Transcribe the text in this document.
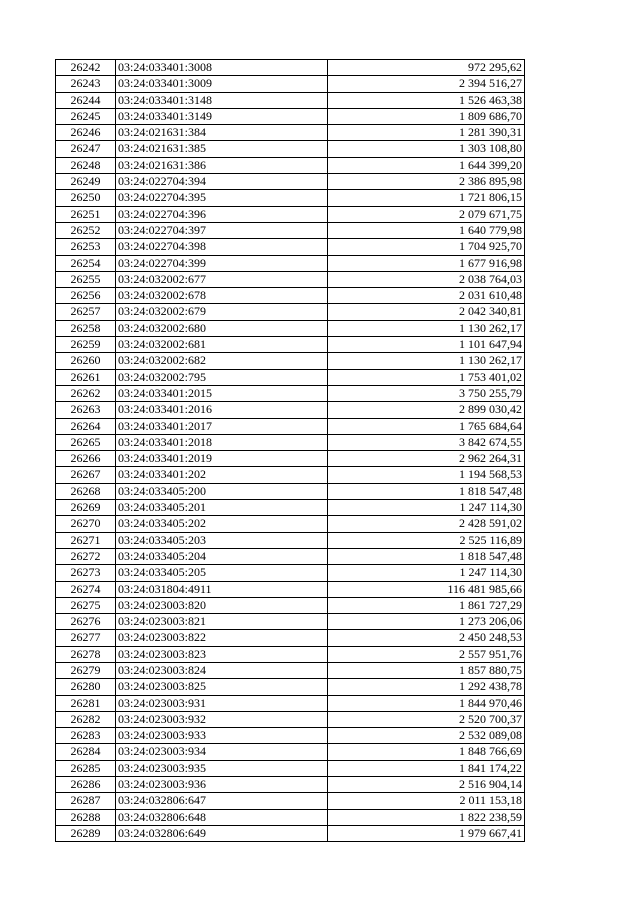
26242	03:24:033401:3008	972 295,62
26243	03:24:033401:3009	2 394 516,27
26244	03:24:033401:3148	1 526 463,38
26245	03:24:033401:3149	1 809 686,70
26246	03:24:021631:384	1 281 390,31
26247	03:24:021631:385	1 303 108,80
26248	03:24:021631:386	1 644 399,20
26249	03:24:022704:394	2 386 895,98
26250	03:24:022704:395	1 721 806,15
26251	03:24:022704:396	2 079 671,75
26252	03:24:022704:397	1 640 779,98
26253	03:24:022704:398	1 704 925,70
26254	03:24:022704:399	1 677 916,98
26255	03:24:032002:677	2 038 764,03
26256	03:24:032002:678	2 031 610,48
26257	03:24:032002:679	2 042 340,81
26258	03:24:032002:680	1 130 262,17
26259	03:24:032002:681	1 101 647,94
26260	03:24:032002:682	1 130 262,17
26261	03:24:032002:795	1 753 401,02
26262	03:24:033401:2015	3 750 255,79
26263	03:24:033401:2016	2 899 030,42
26264	03:24:033401:2017	1 765 684,64
26265	03:24:033401:2018	3 842 674,55
26266	03:24:033401:2019	2 962 264,31
26267	03:24:033401:202	1 194 568,53
26268	03:24:033405:200	1 818 547,48
26269	03:24:033405:201	1 247 114,30
26270	03:24:033405:202	2 428 591,02
26271	03:24:033405:203	2 525 116,89
26272	03:24:033405:204	1 818 547,48
26273	03:24:033405:205	1 247 114,30
26274	03:24:031804:4911	116 481 985,66
26275	03:24:023003:820	1 861 727,29
26276	03:24:023003:821	1 273 206,06
26277	03:24:023003:822	2 450 248,53
26278	03:24:023003:823	2 557 951,76
26279	03:24:023003:824	1 857 880,75
26280	03:24:023003:825	1 292 438,78
26281	03:24:023003:931	1 844 970,46
26282	03:24:023003:932	2 520 700,37
26283	03:24:023003:933	2 532 089,08
26284	03:24:023003:934	1 848 766,69
26285	03:24:023003:935	1 841 174,22
26286	03:24:023003:936	2 516 904,14
26287	03:24:032806:647	2 011 153,18
26288	03:24:032806:648	1 822 238,59
26289	03:24:032806:649	1 979 667,41
